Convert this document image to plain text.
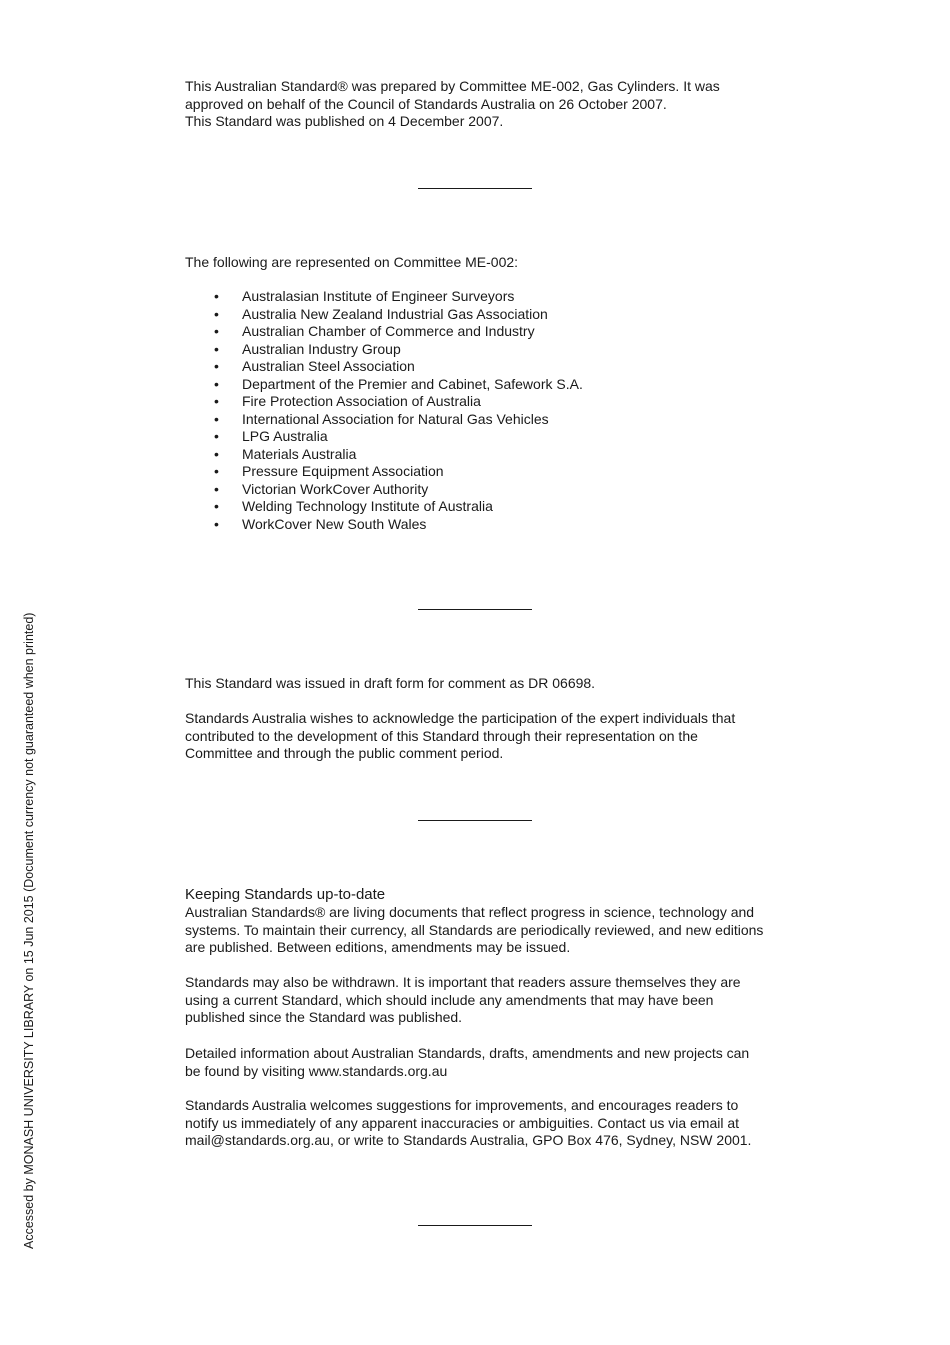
This Australian Standard® was prepared by Committee ME-002, Gas Cylinders. It was

approved on behalf of the Council of Standards Australia on 26 October 2007.

This Standard was published on 4 December 2007.

The following are represented on Committee ME-002:

• Australasian Institute of Engineer Surveyors
• Australia New Zealand Industrial Gas Association
• Australian Chamber of Commerce and Industry
• Australian Industry Group
• Australian Steel Association
• Department of the Premier and Cabinet, Safework S.A.
• Fire Protection Association of Australia
• International Association for Natural Gas Vehicles
• LPG Australia
• Materials Australia
• Pressure Equipment Association
• Victorian WorkCover Authority
• Welding Technology Institute of Australia
• WorkCover New South Wales

This Standard was issued in draft form for comment as DR 06698.

Standards Australia wishes to acknowledge the participation of the expert individuals that

contributed to the development of this Standard through their representation on the

Committee and through the public comment period.

Keeping Standards up-to-date

Australian Standards® are living documents that reflect progress in science, technology and

systems. To maintain their currency, all Standards are periodically reviewed, and new editions

are published. Between editions, amendments may be issued.

Standards may also be withdrawn. It is important that readers assure themselves they are

using a current Standard, which should include any amendments that may have been

published since the Standard was published.

Detailed information about Australian Standards, drafts, amendments and new projects can

be found by visiting www.standards.org.au

Standards Australia welcomes suggestions for improvements, and encourages readers to

notify us immediately of any apparent inaccuracies or ambiguities. Contact us via email at

mail@standards.org.au, or write to Standards Australia, GPO Box 476, Sydney, NSW 2001.

Accessed by MONASH UNIVERSITY LIBRARY on 15 Jun 2015 (Document currency not guaranteed when printed)
